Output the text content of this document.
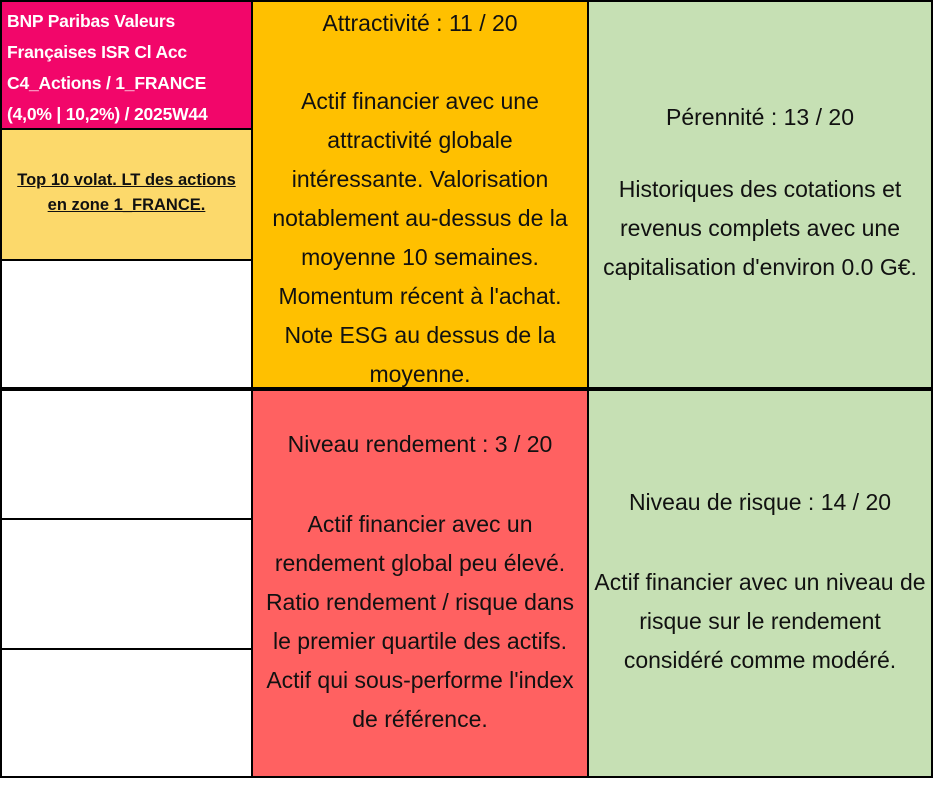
BNP Paribas Valeurs
Françaises ISR Cl Acc
C4_Actions / 1_FRANCE
(4,0% | 10,2%) / 2025W44
Top 10 volat. LT des actions
en zone 1_FRANCE.
Attractivité : 11 / 20
Actif financier avec une
attractivité globale
intéressante. Valorisation
notablement au-dessus de la
moyenne 10 semaines.
Momentum récent à l'achat.
Note ESG au dessus de la
moyenne.
Pérennité : 13 / 20
Historiques des cotations et
revenus complets avec une
capitalisation d'environ 0.0 G€.
Niveau rendement : 3 / 20
Actif financier avec un
rendement global peu élevé.
Ratio rendement / risque dans
le premier quartile des actifs.
Actif qui sous-performe l'index
de référence.
Niveau de risque : 14 / 20
Actif financier avec un niveau de
risque sur le rendement
considéré comme modéré.
